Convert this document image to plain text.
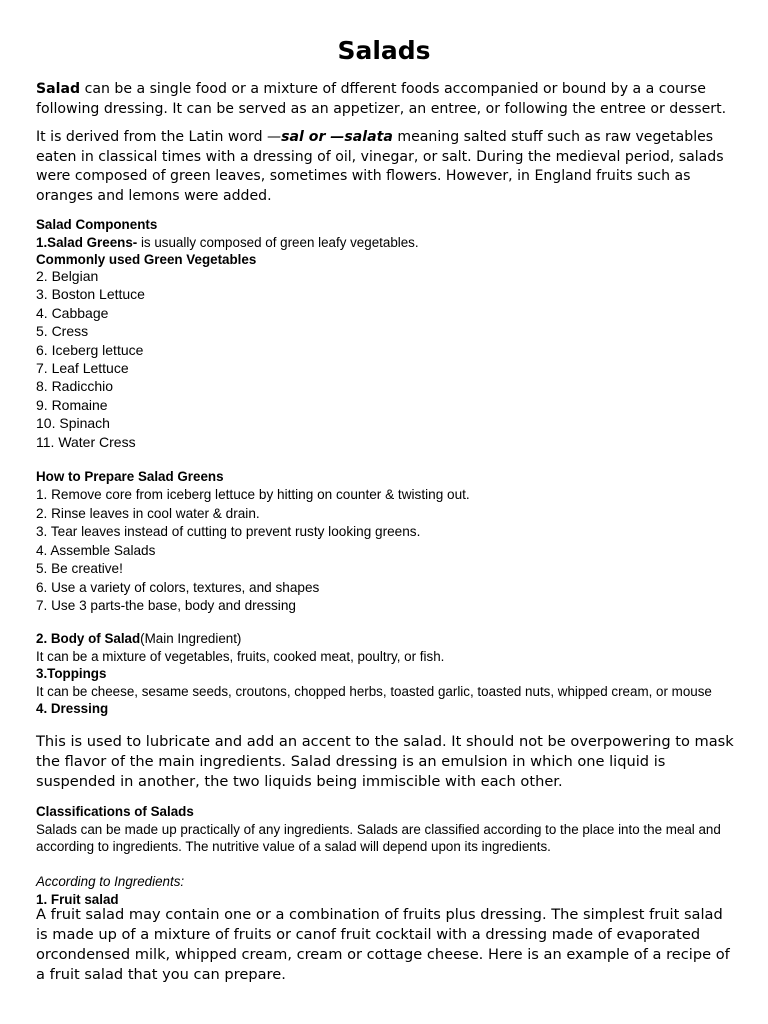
Salads

Salad can be a single food or a mixture of dfferent foods accompanied or bound by a a course following dressing. It can be served as an appetizer, an entree, or following the entree or dessert.

It is derived from the Latin word —sal or —salata meaning salted stuff such as raw vegetables eaten in classical times with a dressing of oil, vinegar, or salt. During the medieval period, salads were composed of green leaves, sometimes with flowers. However, in England fruits such as oranges and lemons were added.

Salad Components
1.Salad Greens- is usually composed of green leafy vegetables.
Commonly used Green Vegetables
2. Belgian
3. Boston Lettuce
4. Cabbage
5. Cress
6. Iceberg lettuce
7. Leaf Lettuce
8. Radicchio
9. Romaine
10. Spinach
11. Water Cress
How to Prepare Salad Greens
1. Remove core from iceberg lettuce by hitting on counter & twisting out.
2. Rinse leaves in cool water & drain.
3. Tear leaves instead of cutting to prevent rusty looking greens.
4. Assemble Salads
5. Be creative!
6. Use a variety of colors, textures, and shapes
7. Use 3 parts-the base, body and dressing
2. Body of Salad(Main Ingredient)
It can be a mixture of vegetables, fruits, cooked meat, poultry, or fish.
3.Toppings
It can be cheese, sesame seeds, croutons, chopped herbs, toasted garlic, toasted nuts, whipped cream, or mouse
4. Dressing

This is used to lubricate and add an accent to the salad. It should not be overpowering to mask the flavor of the main ingredients. Salad dressing is an emulsion in which one liquid is suspended in another, the two liquids being immiscible with each other.

Classifications of Salads
Salads can be made up practically of any ingredients. Salads are classified according to the place into the meal and according to ingredients. The nutritive value of a salad will depend upon its ingredients.
According to Ingredients:
1. Fruit salad

A fruit salad may contain one or a combination of fruits plus dressing. The simplest fruit salad is made up of a mixture of fruits or canof fruit cocktail with a dressing made of evaporated orcondensed milk, whipped cream, cream or cottage cheese. Here is an example of a recipe of a fruit salad that you can prepare.
